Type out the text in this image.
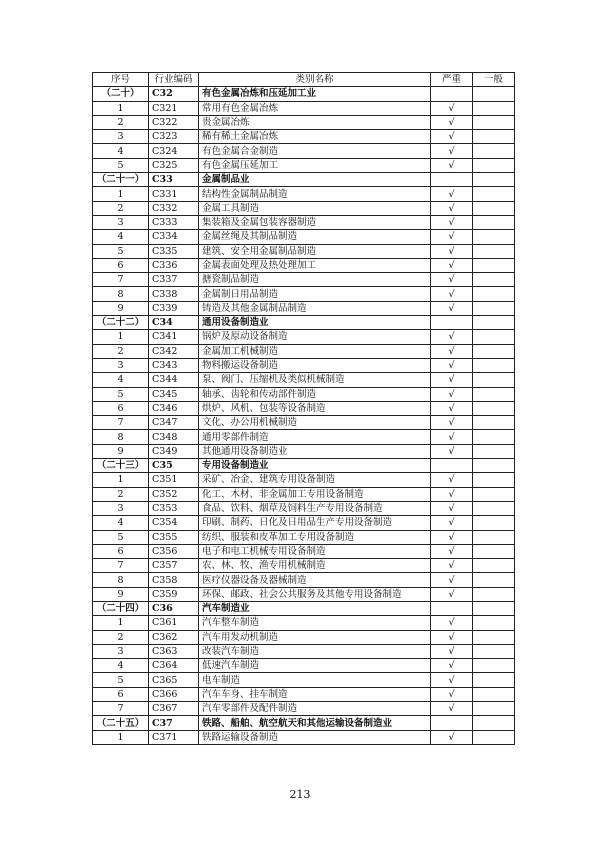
序号	行业编码	类别名称	严重	一般
（二十）	C32	有色金属冶炼和压延加工业		
1	C321	常用有色金属冶炼	√	
2	C322	贵金属冶炼	√	
3	C323	稀有稀土金属冶炼	√	
4	C324	有色金属合金制造	√	
5	C325	有色金属压延加工	√	
（二十一）	C33	金属制品业		
1	C331	结构性金属制品制造	√	
2	C332	金属工具制造	√	
3	C333	集装箱及金属包装容器制造	√	
4	C334	金属丝绳及其制品制造	√	
5	C335	建筑、安全用金属制品制造	√	
6	C336	金属表面处理及热处理加工	√	
7	C337	搪瓷制品制造	√	
8	C338	金属制日用品制造	√	
9	C339	铸造及其他金属制品制造	√	
（二十二）	C34	通用设备制造业		
1	C341	锅炉及原动设备制造	√	
2	C342	金属加工机械制造	√	
3	C343	物料搬运设备制造	√	
4	C344	泵、阀门、压缩机及类似机械制造	√	
5	C345	轴承、齿轮和传动部件制造	√	
6	C346	烘炉、风机、包装等设备制造	√	
7	C347	文化、办公用机械制造	√	
8	C348	通用零部件制造	√	
9	C349	其他通用设备制造业	√	
（二十三）	C35	专用设备制造业		
1	C351	采矿、冶金、建筑专用设备制造	√	
2	C352	化工、木材、非金属加工专用设备制造	√	
3	C353	食品、饮料、烟草及饲料生产专用设备制造	√	
4	C354	印刷、制药、日化及日用品生产专用设备制造	√	
5	C355	纺织、服装和皮革加工专用设备制造	√	
6	C356	电子和电工机械专用设备制造	√	
7	C357	农、林、牧、渔专用机械制造	√	
8	C358	医疗仪器设备及器械制造	√	
9	C359	环保、邮政、社会公共服务及其他专用设备制造	√	
（二十四）	C36	汽车制造业		
1	C361	汽车整车制造	√	
2	C362	汽车用发动机制造	√	
3	C363	改装汽车制造	√	
4	C364	低速汽车制造	√	
5	C365	电车制造	√	
6	C366	汽车车身、挂车制造	√	
7	C367	汽车零部件及配件制造	√	
（二十五）	C37	铁路、船舶、航空航天和其他运输设备制造业		
1	C371	铁路运输设备制造	√	
213
